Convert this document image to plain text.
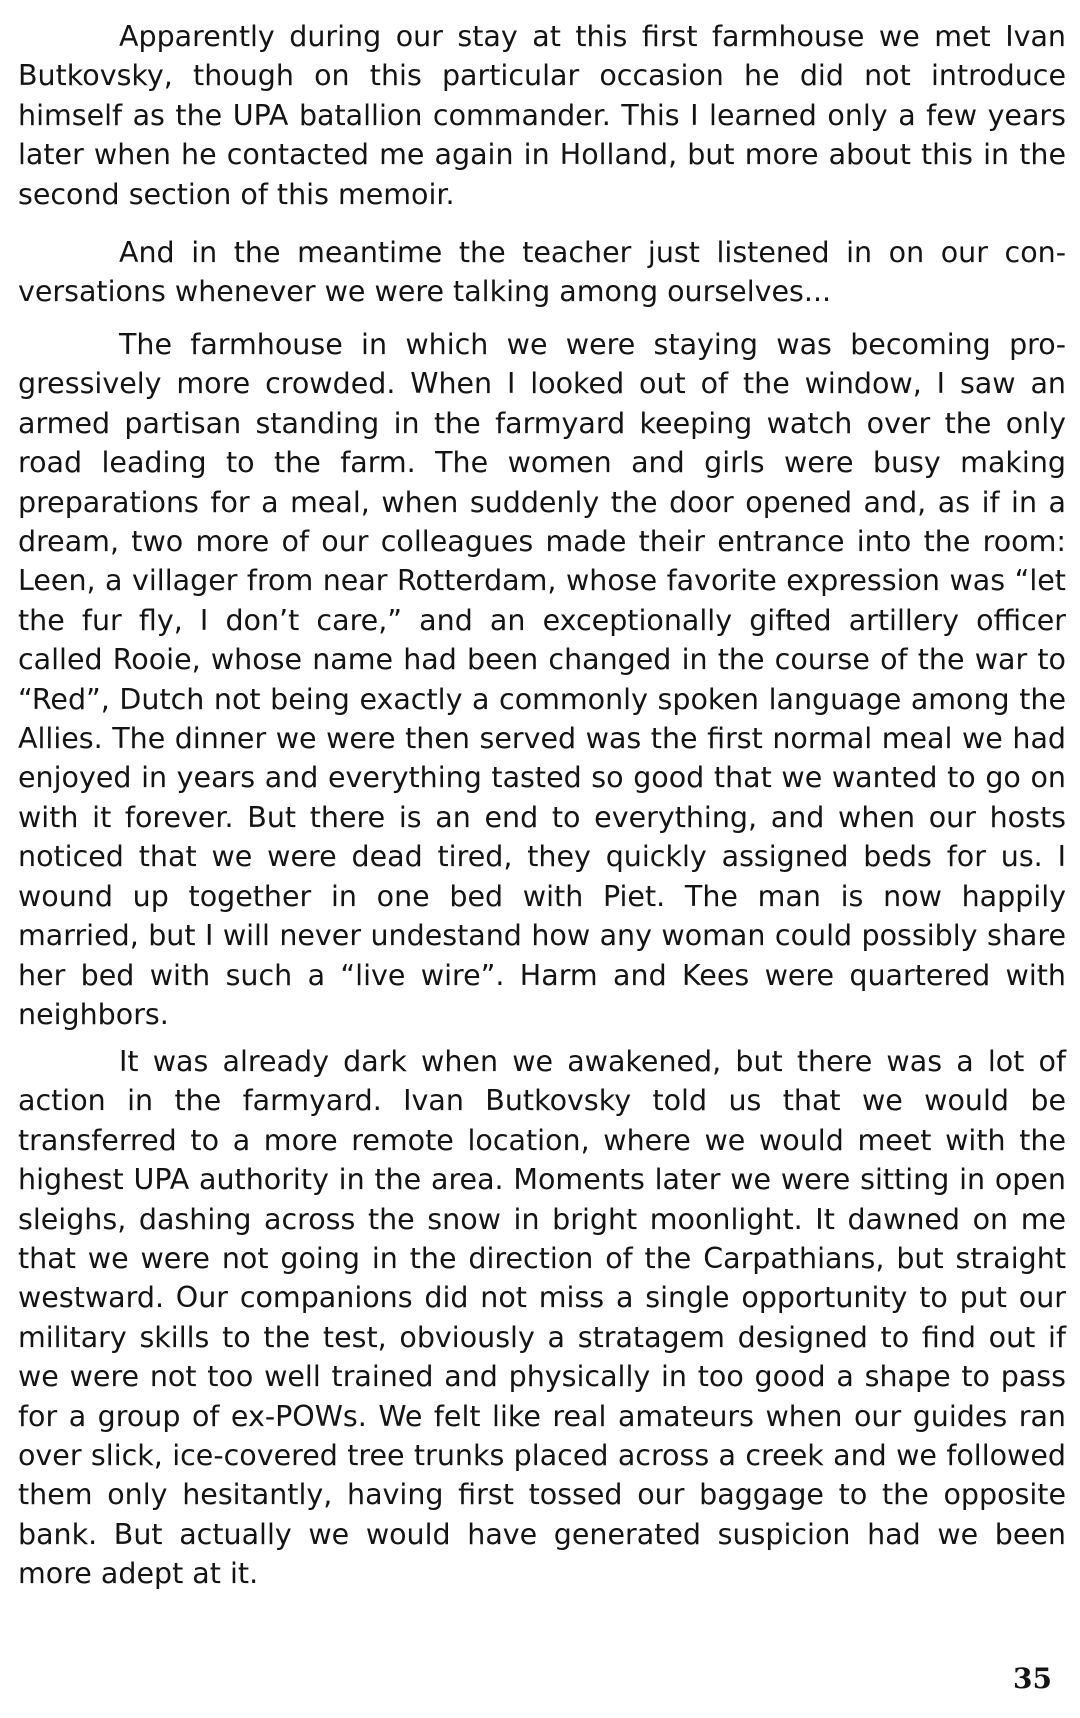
Apparently during our stay at this first farmhouse we met Ivan Butkovsky, though on this particular occasion he did not introduce himself as the UPA batallion commander. This I learned only a few years later when he contacted me again in Holland, but more about this in the second section of this memoir.

And in the meantime the teacher just listened in on our conversations whenever we were talking among ourselves...

The farmhouse in which we were staying was becoming progressively more crowded. When I looked out of the window, I saw an armed partisan standing in the farmyard keeping watch over the only road leading to the farm. The women and girls were busy making preparations for a meal, when suddenly the door opened and, as if in a dream, two more of our colleagues made their entrance into the room: Leen, a villager from near Rotterdam, whose favorite expression was “let the fur fly, I don’t care,” and an exceptionally gifted artillery officer called Rooie, whose name had been changed in the course of the war to “Red”, Dutch not being exactly a commonly spoken language among the Allies. The dinner we were then served was the first normal meal we had enjoyed in years and everything tasted so good that we wanted to go on with it forever. But there is an end to everything, and when our hosts noticed that we were dead tired, they quickly assigned beds for us. I wound up together in one bed with Piet. The man is now happily married, but I will never undestand how any woman could possibly share her bed with such a “live wire”. Harm and Kees were quartered with neighbors.

It was already dark when we awakened, but there was a lot of action in the farmyard. Ivan Butkovsky told us that we would be transferred to a more remote location, where we would meet with the highest UPA authority in the area. Moments later we were sitting in open sleighs, dashing across the snow in bright moonlight. It dawned on me that we were not going in the direction of the Carpathians, but straight westward. Our companions did not miss a single opportunity to put our military skills to the test, obviously a stratagem designed to find out if we were not too well trained and physically in too good a shape to pass for a group of ex-POWs. We felt like real amateurs when our guides ran over slick, ice-covered tree trunks placed across a creek and we followed them only hesitantly, having first tossed our baggage to the opposite bank. But actually we would have generated suspicion had we been more adept at it.

35
